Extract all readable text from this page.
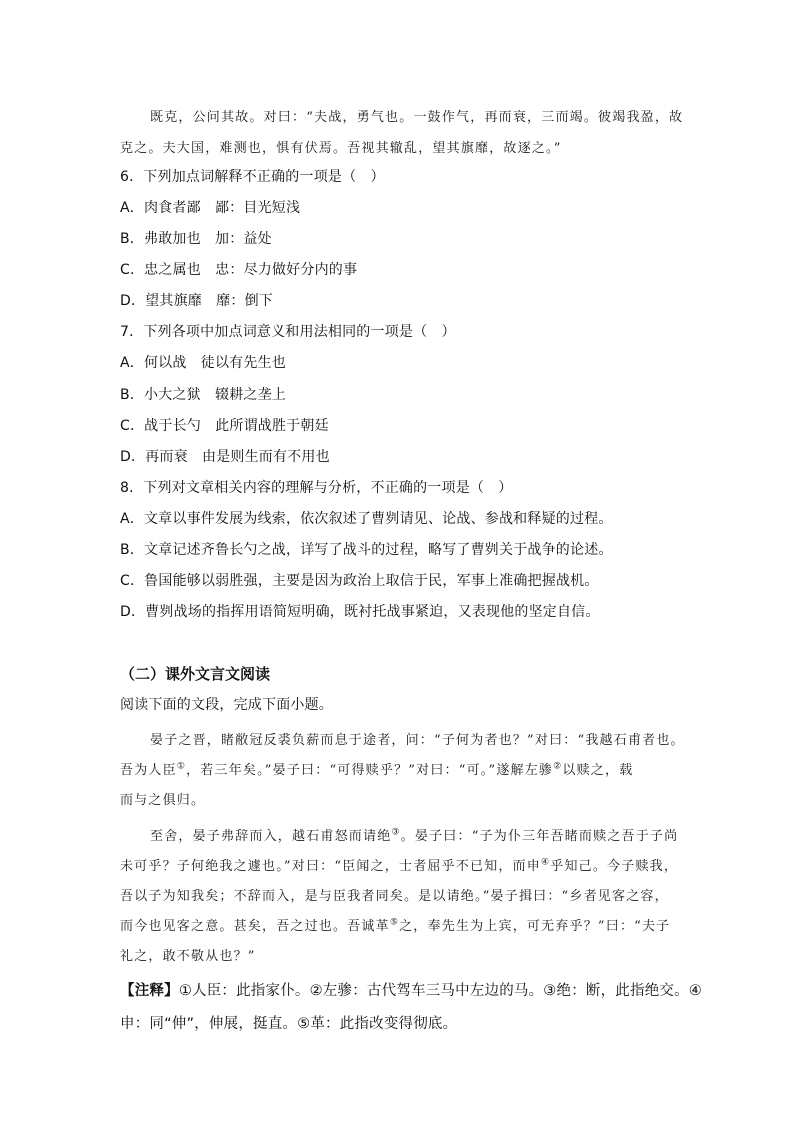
既克，公问其故。对曰：“夫战，勇气也。一鼓作气，再而衰，三而竭。彼竭我盈，故
克之。夫大国，难测也，惧有伏焉。吾视其辙乱，望其旗靡，故逐之。”
6．下列加点词解释不正确的一项是（　）
A．肉食者鄙　鄙：目光短浅
B．弗敢加也　加：益处
C．忠之属也　忠：尽力做好分内的事
D．望其旗靡　靡：倒下
7．下列各项中加点词意义和用法相同的一项是（　）
A．何以战　徒以有先生也
B．小大之狱　辍耕之垄上
C．战于长勺　此所谓战胜于朝廷
D．再而衰　由是则生而有不用也
8．下列对文章相关内容的理解与分析，不正确的一项是（　）
A．文章以事件发展为线索，依次叙述了曹刿请见、论战、参战和释疑的过程。
B．文章记述齐鲁长勺之战，详写了战斗的过程，略写了曹刿关于战争的论述。
C．鲁国能够以弱胜强，主要是因为政治上取信于民，军事上准确把握战机。
D．曹刿战场的指挥用语简短明确，既衬托战事紧迫，又表现他的坚定自信。
（二）课外文言文阅读
阅读下面的文段，完成下面小题。
晏子之晋，睹敝冠反裘负薪而息于途者，问：“子何为者也？”对曰：“我越石甫者也。
吾为人臣①，若三年矣。”晏子曰：“可得赎乎？”对曰：“可。”遂解左骖②以赎之，载
而与之俱归。
至舍，晏子弗辞而入，越石甫怒而请绝③。晏子曰：“子为仆三年吾睹而赎之吾于子尚
未可乎？子何绝我之遽也。”对曰：“臣闻之，士者屈乎不已知，而申④乎知己。今子赎我，
吾以子为知我矣；不辞而入，是与臣我者同矣。是以请绝。”晏子揖曰：“乡者见客之容，
而今也见客之意。甚矣，吾之过也。吾诚革⑤之，奉先生为上宾，可无弃乎？”曰：“夫子
礼之，敢不敬从也？”
【注释】①人臣：此指家仆。②左骖：古代驾车三马中左边的马。③绝：断，此指绝交。④
申：同“伸”，伸展，挺直。⑤革：此指改变得彻底。
